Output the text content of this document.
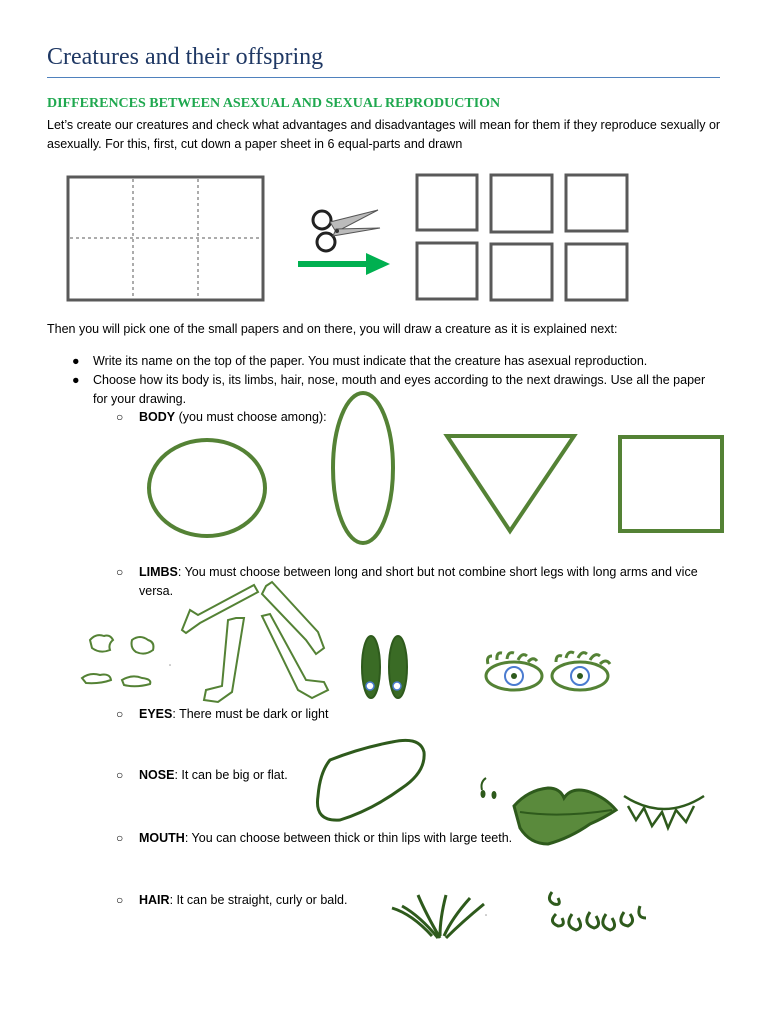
Creatures and their offspring
DIFFERENCES BETWEEN ASEXUAL AND SEXUAL REPRODUCTION
Let’s create our creatures and check what advantages and disadvantages will mean for them if they reproduce sexually or asexually. For this, first, cut down a paper sheet in 6 equal-parts and drawn
Then you will pick one of the small papers and on there, you will draw a creature as it is explained next:
● Write its name on the top of the paper. You must indicate that the creature has asexual reproduction.
● Choose how its body is, its limbs, hair, nose, mouth and eyes according to the next drawings. Use all the paper for your drawing.
○ BODY (you must choose among):
○ LIMBS: You must choose between long and short but not combine short legs with long arms and vice versa.
○ EYES: There must be dark or light
○ NOSE: It can be big or flat.
○ MOUTH: You can choose between thick or thin lips with large teeth.
○ HAIR: It can be straight, curly or bald.
